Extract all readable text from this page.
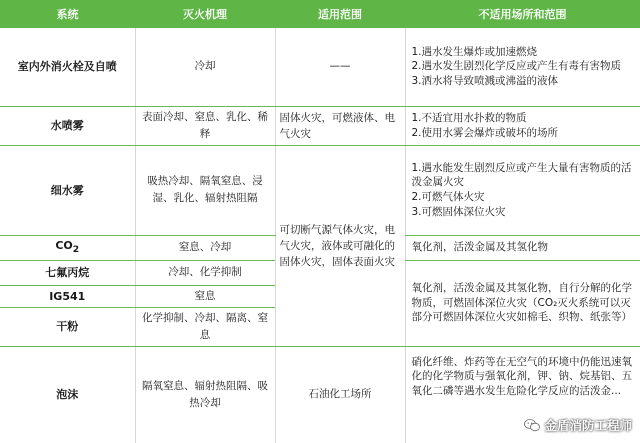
系统	灭火机理	适用范围	不适用场所和范围
室内外消火栓及自喷	冷却	——	1.遇水发生爆炸或加速燃烧
2.遇水发生剧烈化学反应或产生有毒有害物质
3.洒水将导致喷溅或沸溢的液体

水喷雾	表面冷却、窒息、乳化、稀释	固体火灾，可燃液体、电气火灾	1.不适宜用水扑救的物质
2.使用水雾会爆炸或破坏的场所

细水雾	吸热冷却、隔氧窒息、浸湿、乳化、辐射热阻隔	可切断气源气体火灾，电气火灾，液体或可融化的固体火灾，固体表面火灾	1.遇水能发生剧烈反应或产生大量有害物质的活泼金属火灾
2.可燃气体火灾
3.可燃固体深位火灾

$CO_2$	窒息、冷却		氧化剂，活泼金属及其氢化物
七氟丙烷	冷却、化学抑制		氧化剂，活泼金属及其氢化物，自行分解的化学物质，可燃固体深位火灾（CO₂灭火系统可以灭部分可燃固体深位火灾如棉毛、织物、纸张等）
IG541	窒息		
干粉	化学抑制、冷却、隔离、窒息		
泡沫	隔氧窒息、辐射热阻隔、吸热冷却	石油化工场所	硝化纤维、炸药等在无空气的环境中仍能迅速氧化的化学物质与强氧化剂，钾、钠、烷基铝、五氧化二磷等遇水发生危险化学反应的活泼金...
金盾消防工程师
